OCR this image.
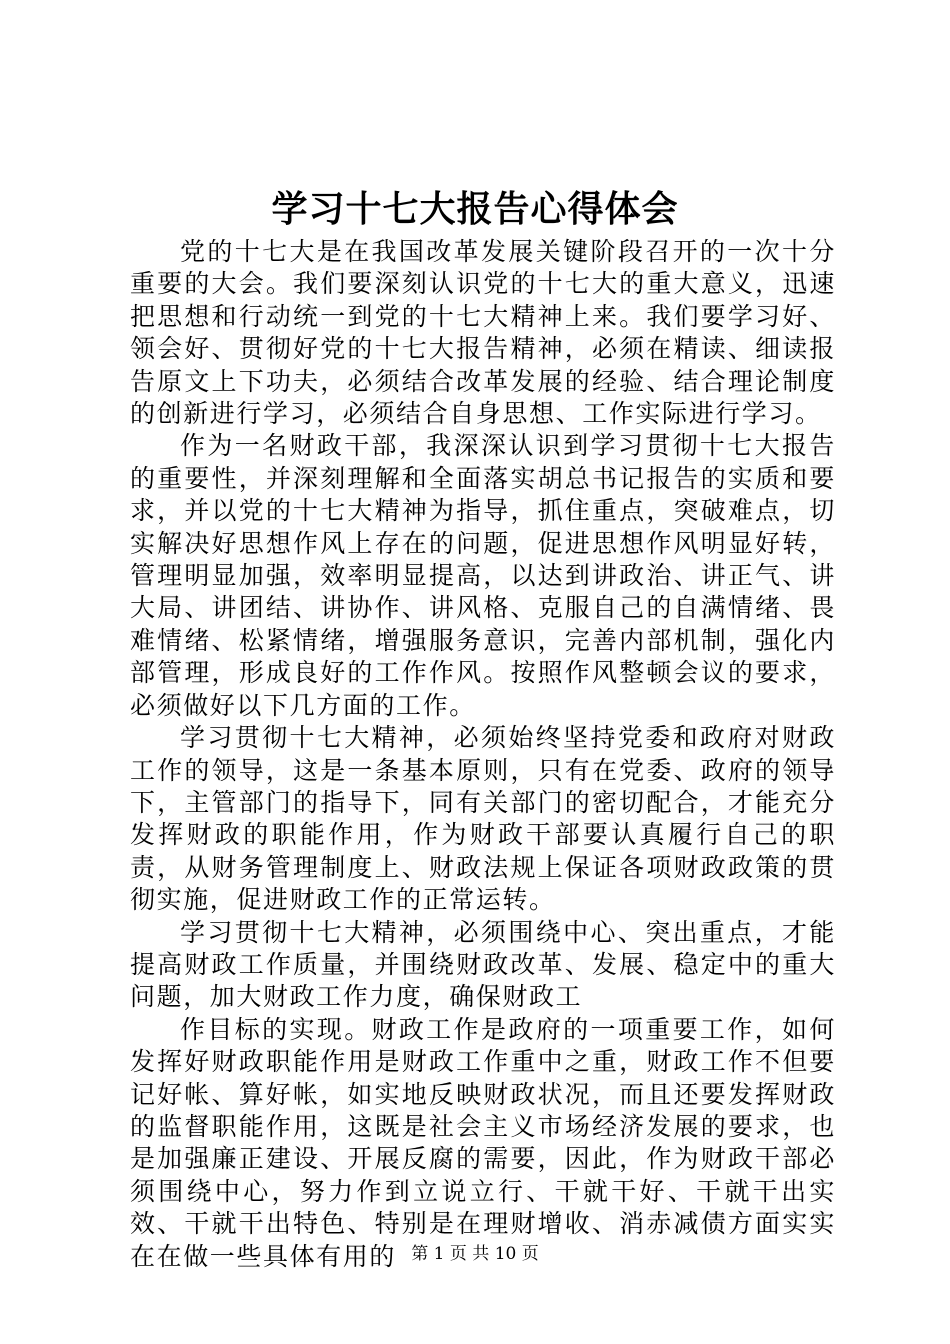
学习十七大报告心得体会

党的十七大是在我国改革发展关键阶段召开的一次十分重要的大会。我们要深刻认识党的十七大的重大意义，迅速把思想和行动统一到党的十七大精神上来。我们要学习好、领会好、贯彻好党的十七大报告精神，必须在精读、细读报告原文上下功夫，必须结合改革发展的经验、结合理论制度的创新进行学习，必须结合自身思想、工作实际进行学习。

作为一名财政干部，我深深认识到学习贯彻十七大报告的重要性，并深刻理解和全面落实胡总书记报告的实质和要求，并以党的十七大精神为指导，抓住重点，突破难点，切实解决好思想作风上存在的问题，促进思想作风明显好转，管理明显加强，效率明显提高，以达到讲政治、讲正气、讲大局、讲团结、讲协作、讲风格、克服自己的自满情绪、畏难情绪、松紧情绪，增强服务意识，完善内部机制，强化内部管理，形成良好的工作作风。按照作风整顿会议的要求，必须做好以下几方面的工作。

学习贯彻十七大精神，必须始终坚持党委和政府对财政工作的领导，这是一条基本原则，只有在党委、政府的领导下，主管部门的指导下，同有关部门的密切配合，才能充分发挥财政的职能作用，作为财政干部要认真履行自己的职责，从财务管理制度上、财政法规上保证各项财政政策的贯彻实施，促进财政工作的正常运转。

学习贯彻十七大精神，必须围绕中心、突出重点，才能提高财政工作质量，并围绕财政改革、发展、稳定中的重大问题，加大财政工作力度，确保财政工

作目标的实现。财政工作是政府的一项重要工作，如何发挥好财政职能作用是财政工作重中之重，财政工作不但要记好帐、算好帐，如实地反映财政状况，而且还要发挥财政的监督职能作用，这既是社会主义市场经济发展的要求，也是加强廉正建设、开展反腐的需要，因此，作为财政干部必须围绕中心，努力作到立说立行、干就干好、干就干出实效、干就干出特色、特别是在理财增收、消赤减债方面实实在在做一些具体有用的 第 1 页 共 10 页
